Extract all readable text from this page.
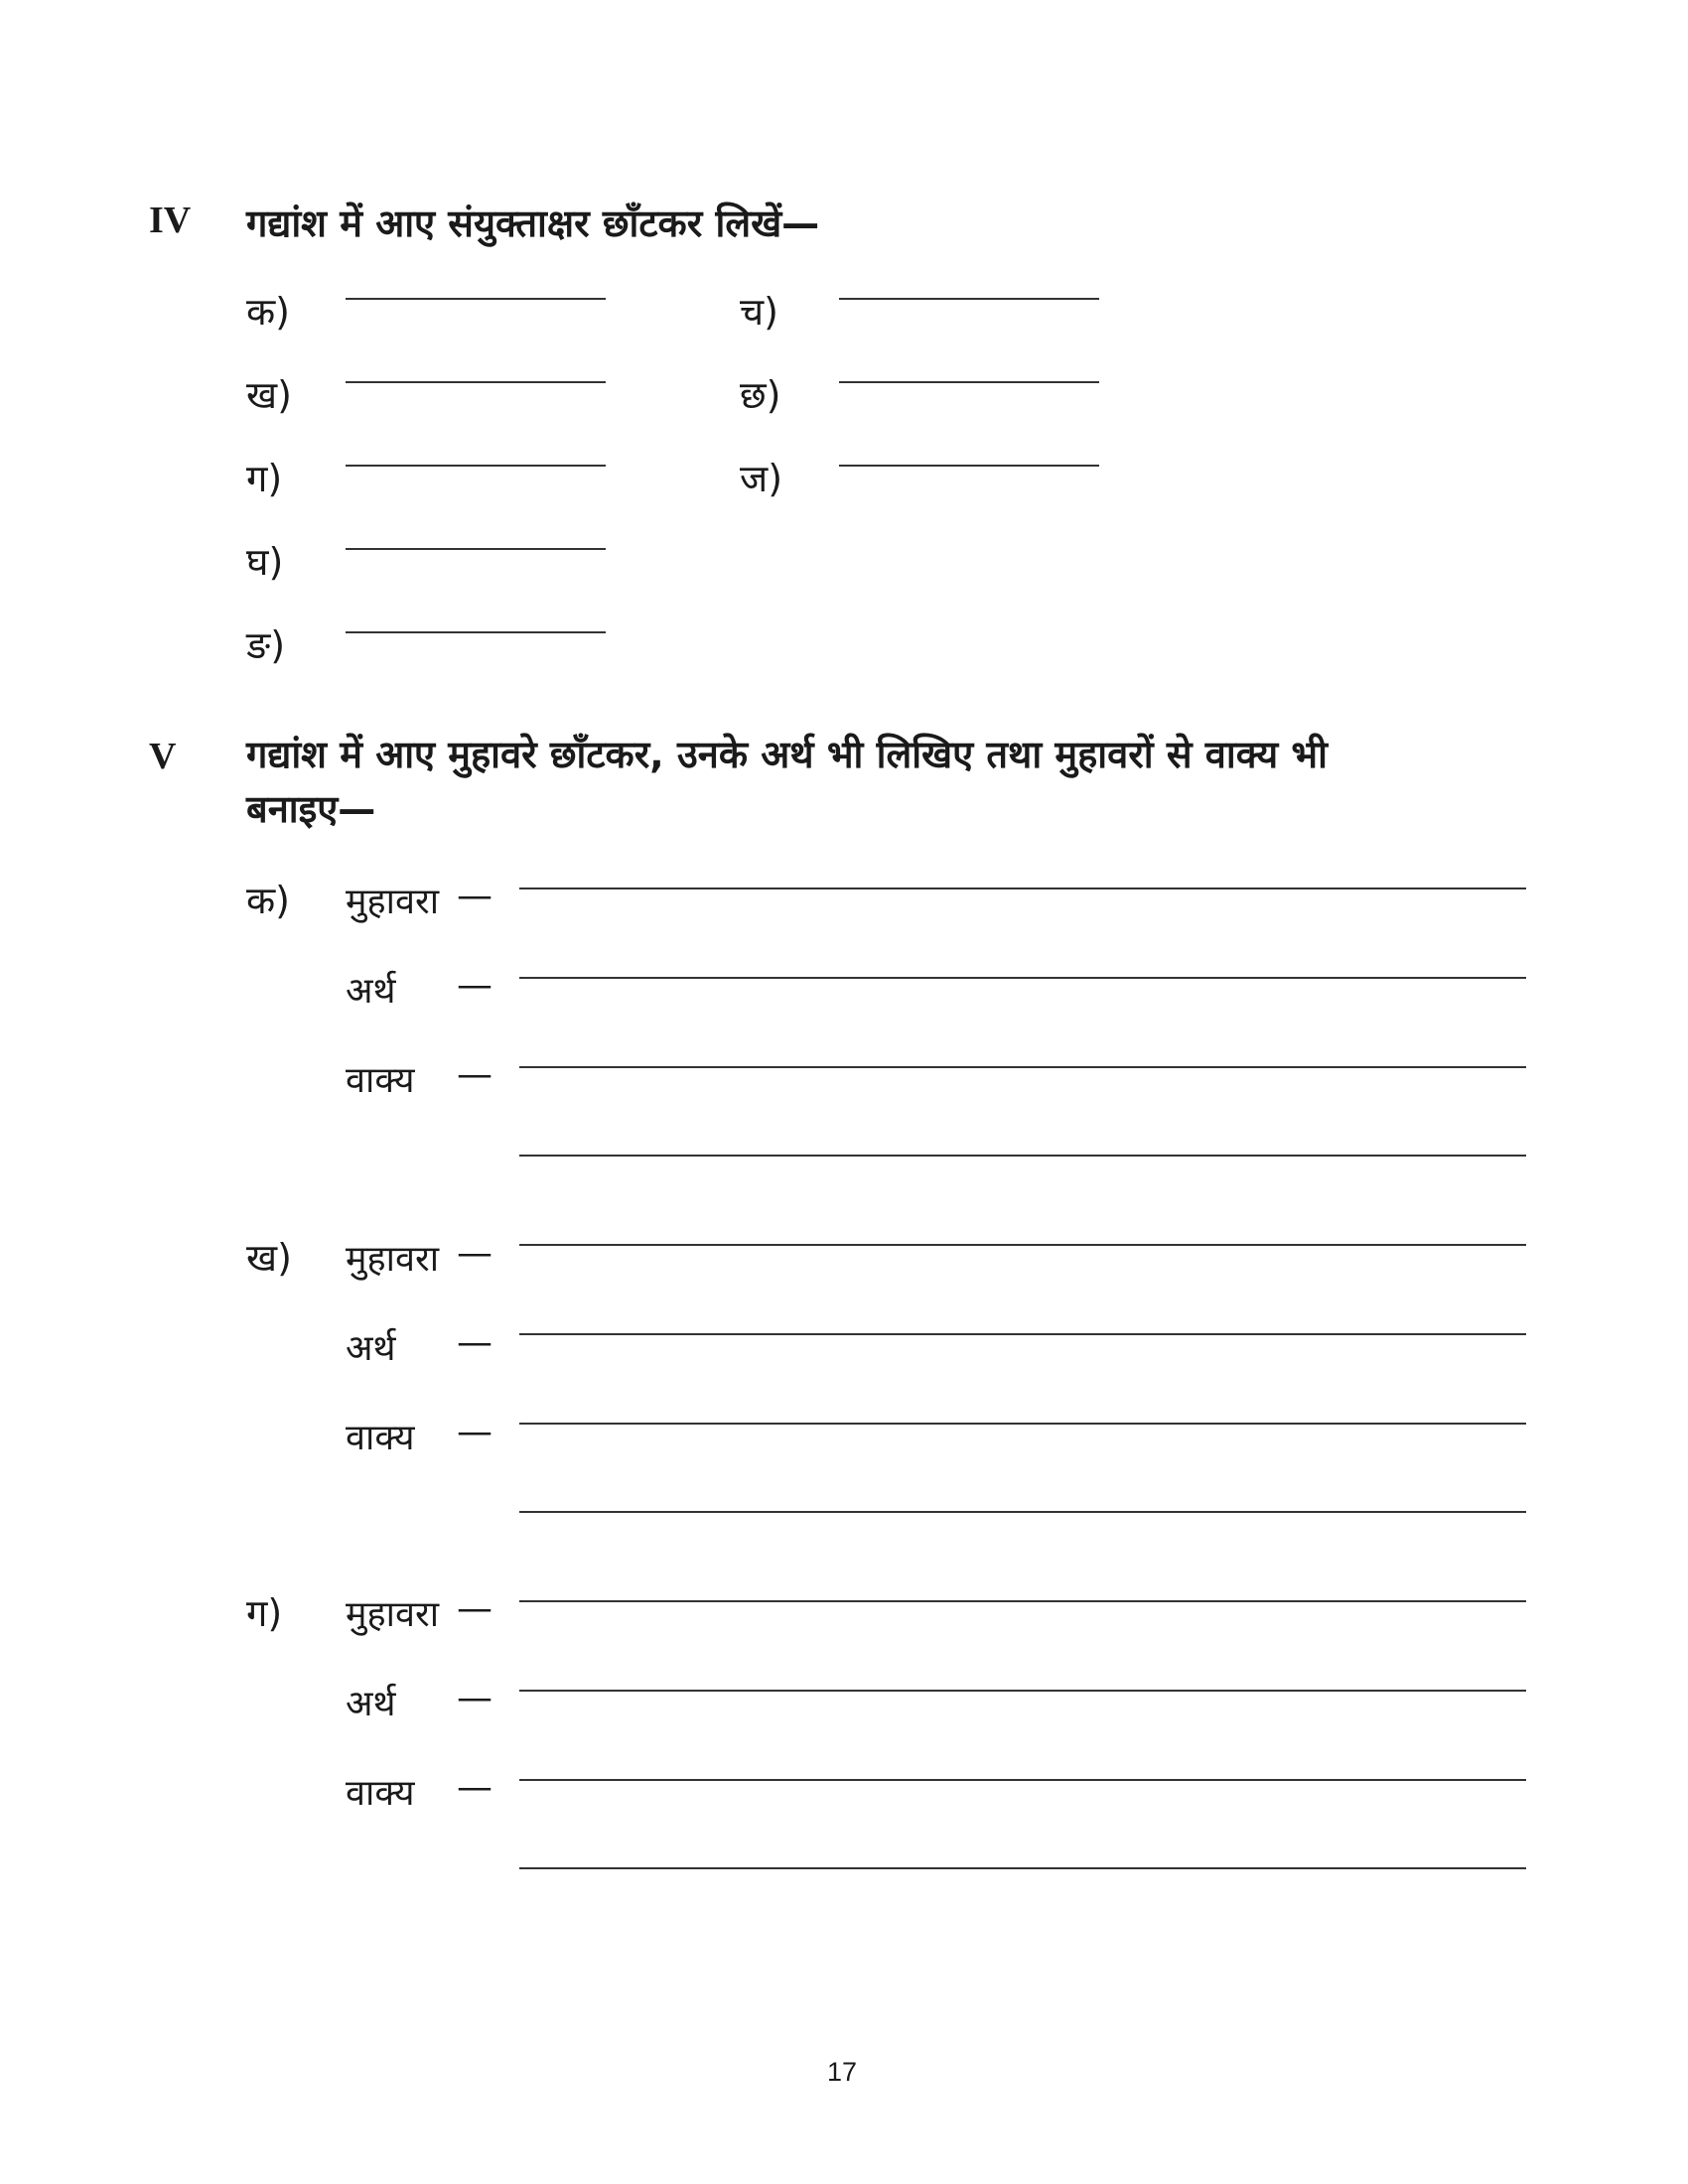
IV गद्यांश में आए संयुक्ताक्षर छाँटकर लिखें—
क)
ख)
ग)
घ)
ङ)
च)
छ)
ज)
V गद्यांश में आए मुहावरे छाँटकर, उनके अर्थ भी लिखिए तथा मुहावरों से वाक्य भी
बनाइए—
क) मुहावरा —
अर्थ —
वाक्य —
ख) मुहावरा —
अर्थ —
वाक्य —
ग) मुहावरा —
अर्थ —
वाक्य —
17
